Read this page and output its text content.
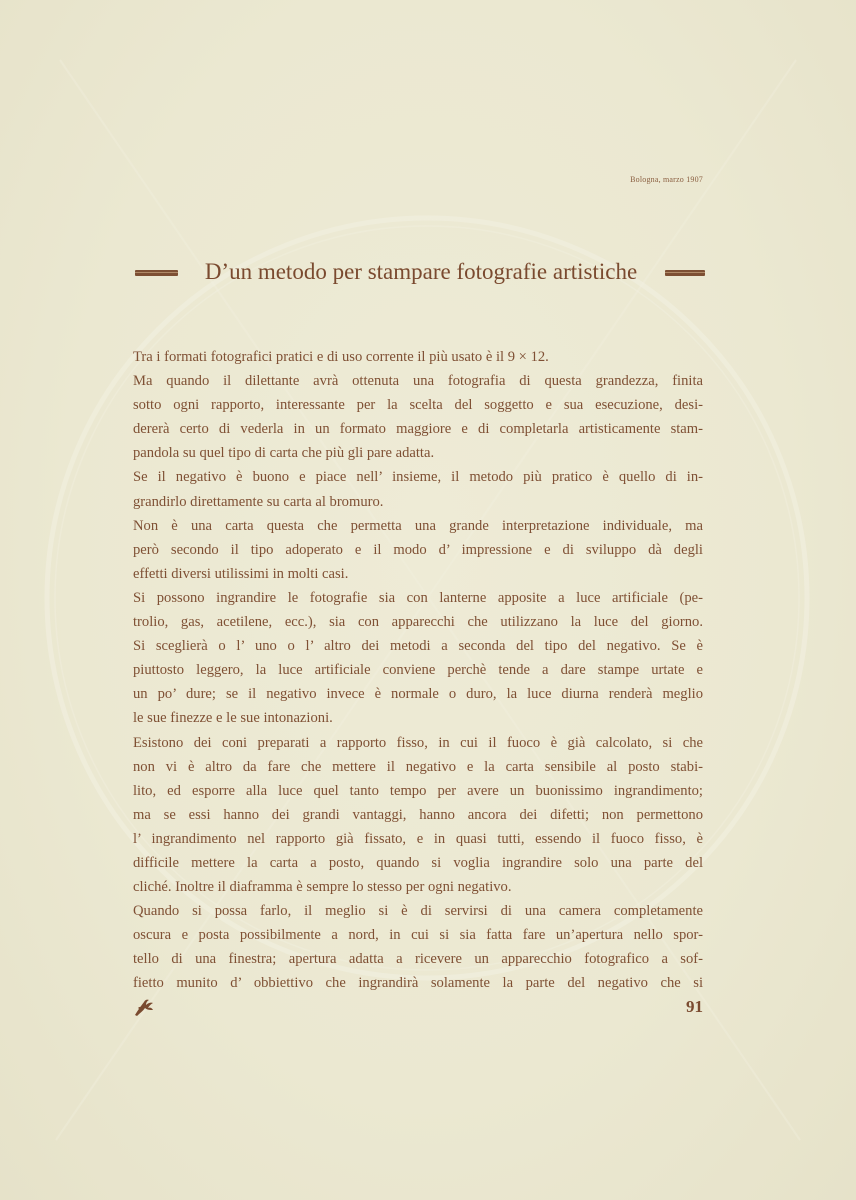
Bologna, marzo 1907
D’un metodo per stampare fotografie artistiche
Tra i formati fotografici pratici e di uso corrente il più usato è il 9 × 12.
Ma quando il dilettante avrà ottenuta una fotografia di questa grandezza, finita
sotto ogni rapporto, interessante per la scelta del soggetto e sua esecuzione, desi-
dererà certo di vederla in un formato maggiore e di completarla artisticamente stam-
pandola su quel tipo di carta che più gli pare adatta.
Se il negativo è buono e piace nell’ insieme, il metodo più pratico è quello di in-
grandirlo direttamente su carta al bromuro.
Non è una carta questa che permetta una grande interpretazione individuale, ma
però secondo il tipo adoperato e il modo d’ impressione e di sviluppo dà degli
effetti diversi utilissimi in molti casi.
Si possono ingrandire le fotografie sia con lanterne apposite a luce artificiale (pe-
trolio, gas, acetilene, ecc.), sia con apparecchi che utilizzano la luce del giorno.
Si sceglierà o l’ uno o l’ altro dei metodi a seconda del tipo del negativo. Se è
piuttosto leggero, la luce artificiale conviene perchè tende a dare stampe urtate e
un po’ dure; se il negativo invece è normale o duro, la luce diurna renderà meglio
le sue finezze e le sue intonazioni.
Esistono dei coni preparati a rapporto fisso, in cui il fuoco è già calcolato, si che
non vi è altro da fare che mettere il negativo e la carta sensibile al posto stabi-
lito, ed esporre alla luce quel tanto tempo per avere un buonissimo ingrandimento;
ma se essi hanno dei grandi vantaggi, hanno ancora dei difetti; non permettono
l’ ingrandimento nel rapporto già fissato, e in quasi tutti, essendo il fuoco fisso, è
difficile mettere la carta a posto, quando si voglia ingrandire solo una parte del
cliché. Inoltre il diaframma è sempre lo stesso per ogni negativo.
Quando si possa farlo, il meglio si è di servirsi di una camera completamente
oscura e posta possibilmente a nord, in cui si sia fatta fare un’apertura nello spor-
tello di una finestra; apertura adatta a ricevere un apparecchio fotografico a sof-
fietto munito d’ obbiettivo che ingrandirà solamente la parte del negativo che si
91
